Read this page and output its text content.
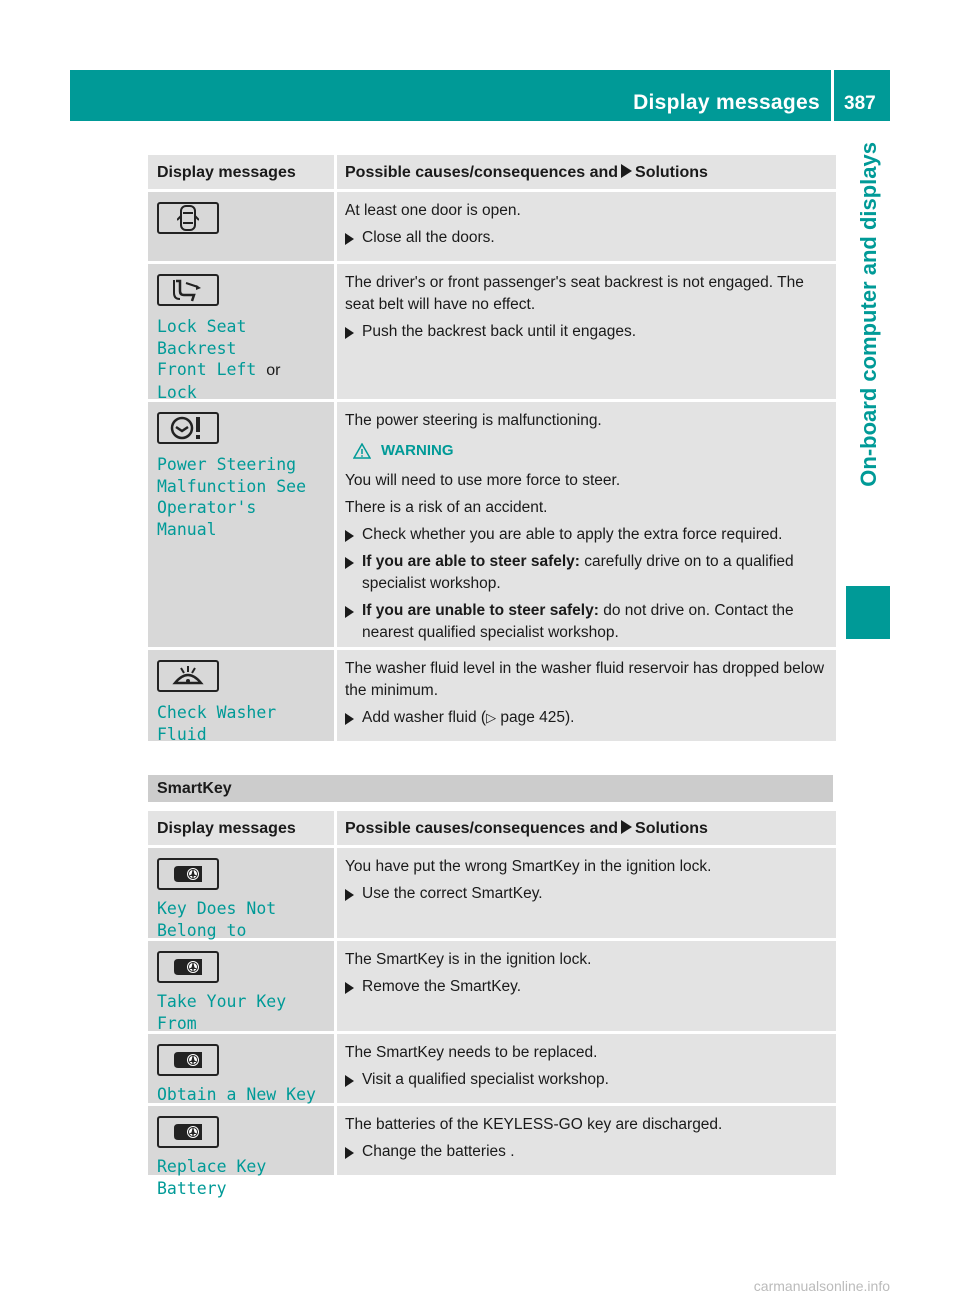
Display messages 387
On-board computer and displays
Display messages	Possible causes/consequences and Solutions

At least one door is open.

Close all the doors.
Lock Seat Backrest
Front Left or Lock

The driver's or front passenger's seat backrest is not engaged. The seat belt will have no effect.

Push the backrest back until it engages.
Power Steering
Malfunction See
Operator's Manual

The power steering is malfunctioning.

WARNING

You will need to use more force to steer.

There is a risk of an accident.

Check whether you are able to apply the extra force required.
If you are able to steer safely: carefully drive on to a qualified specialist workshop.
If you are unable to steer safely: do not drive on. Contact the nearest qualified specialist workshop.
Check Washer Fluid

The washer fluid level in the washer fluid reservoir has dropped below the minimum.

Add washer fluid (▷ page 425).
SmartKey
Display messages	Possible causes/consequences and Solutions
Key Does Not
Belong to

You have put the wrong SmartKey in the ignition lock.

Use the correct SmartKey.
Take Your Key From

The SmartKey is in the ignition lock.

Remove the SmartKey.
Obtain a New Key

The SmartKey needs to be replaced.

Visit a qualified specialist workshop.
Replace Key Battery

The batteries of the KEYLESS-GO key are discharged.

Change the batteries .
carmanualsonline.info
